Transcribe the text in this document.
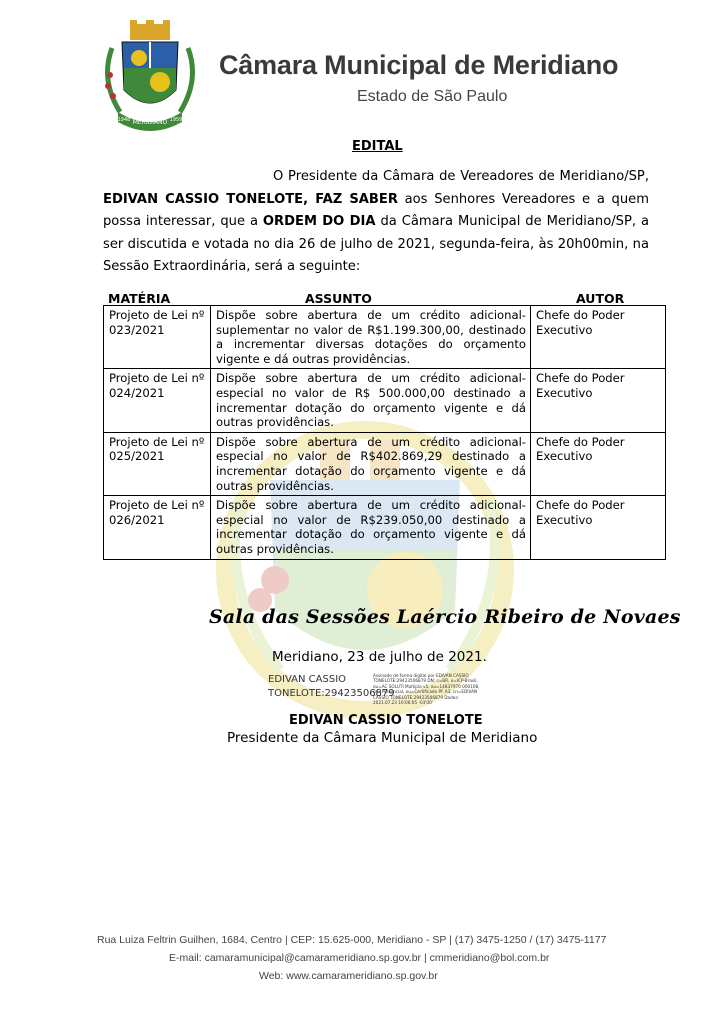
MERIDIANO
1948	1959
Câmara Municipal de Meridiano
Estado de São Paulo
EDITAL

O Presidente da Câmara de Vereadores de Meridiano/SP, EDIVAN CASSIO TONELOTE, FAZ SABER aos Senhores Vereadores e a quem possa interessar, que a ORDEM DO DIA da Câmara Municipal de Meridiano/SP, a ser discutida e votada no dia 26 de julho de 2021, segunda-feira, às 20h00min, na Sessão Extraordinária, será a seguinte:

MATÉRIA	ASSUNTO	AUTOR
Projeto de Lei nº 023/2021	Dispõe sobre abertura de um crédito adicional-suplementar no valor de R$1.199.300,00, destinado a incrementar diversas dotações do orçamento vigente e dá outras providências.	Chefe do Poder Executivo
Projeto de Lei nº 024/2021	Dispõe sobre abertura de um crédito adicional-especial no valor de R$ 500.000,00 destinado a incrementar dotação do orçamento vigente e dá outras providências.	Chefe do Poder Executivo
Projeto de Lei nº 025/2021	Dispõe sobre abertura de um crédito adicional-especial no valor de R$402.869,29 destinado a incrementar dotação do orçamento vigente e dá outras providências.	Chefe do Poder Executivo
Projeto de Lei nº 026/2021	Dispõe sobre abertura de um crédito adicional-especial no valor de R$239.050,00 destinado a incrementar dotação do orçamento vigente e dá outras providências.	Chefe do Poder Executivo
Sala das Sessões Laércio Ribeiro de Novaes
Meridiano, 23 de julho de 2021.
EDIVAN CASSIO TONELOTE:29423506879
Assinado de forma digital por EDIVAN CASSIO TONELOTE:29423506879 DN: c=BR, o=ICP-Brasil, ou=AC SOLUTI Multipla v5, ou=14837970 000108, ou=Presencial, ou=Certificado PF A3, cn=EDIVAN CASSIO TONELOTE:29423506879 Dados: 2021.07.23 16:06:05 -03'00'
EDIVAN CASSIO TONELOTE
Presidente da Câmara Municipal de Meridiano
Rua Luiza Feltrin Guilhen, 1684, Centro | CEP: 15.625-000, Meridiano - SP | (17) 3475-1250 / (17) 3475-1177
E-mail: camaramunicipal@camarameridiano.sp.gov.br | cmmeridiano@bol.com.br
Web: www.camarameridiano.sp.gov.br
